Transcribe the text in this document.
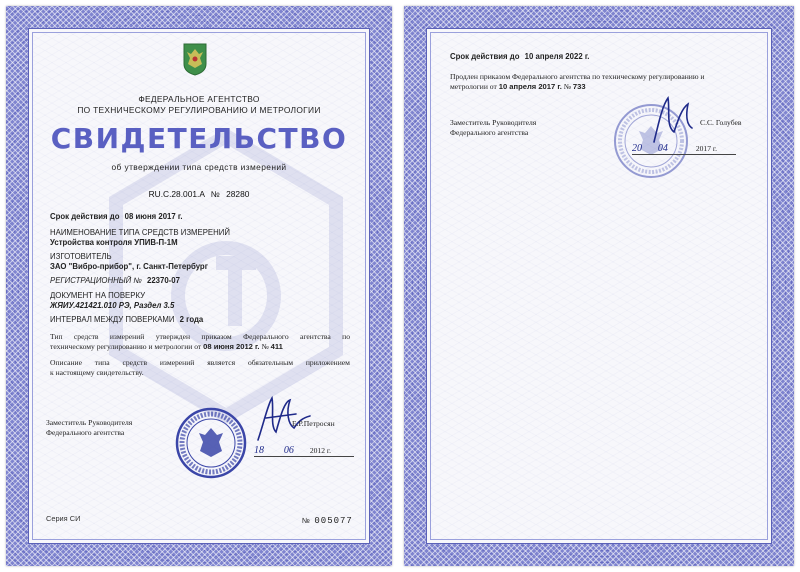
ФЕДЕРАЛЬНОЕ АГЕНТСТВО
ПО ТЕХНИЧЕСКОМУ РЕГУЛИРОВАНИЮ И МЕТРОЛОГИИ
СВИДЕТЕЛЬСТВО
об утверждении типа средств измерений
RU.C.28.001.A № 28280
Срок действия до 08 июня 2017 г.
НАИМЕНОВАНИЕ ТИПА СРЕДСТВ ИЗМЕРЕНИЙ
Устройства контроля УПИВ-П-1М
ИЗГОТОВИТЕЛЬ
ЗАО "Вибро-прибор", г. Санкт-Петербург
РЕГИСТРАЦИОННЫЙ № 22370-07
ДОКУМЕНТ НА ПОВЕРКУ
ЖЯИУ.421421.010 РЭ, Раздел 3.5
ИНТЕРВАЛ МЕЖДУ ПОВЕРКАМИ 2 года
Тип средств измерений утвержден приказом Федерального агентства по
техническому регулированию и метрологии от 08 июня 2012 г. № 411
Описание типа средств измерений является обязательным приложением
к настоящему свидетельству.
Заместитель Руководителя
Федерального агентства
Е.Р.Петросян
18 06 2012 г.
Серия СИ	№ 005077
Срок действия до 10 апреля 2022 г.
Продлен приказом Федерального агентства по техническому регулированию и
метрологии от 10 апреля 2017 г. № 733
Заместитель Руководителя
Федерального агентства
С.С. Голубев
20 04	2017 г.
